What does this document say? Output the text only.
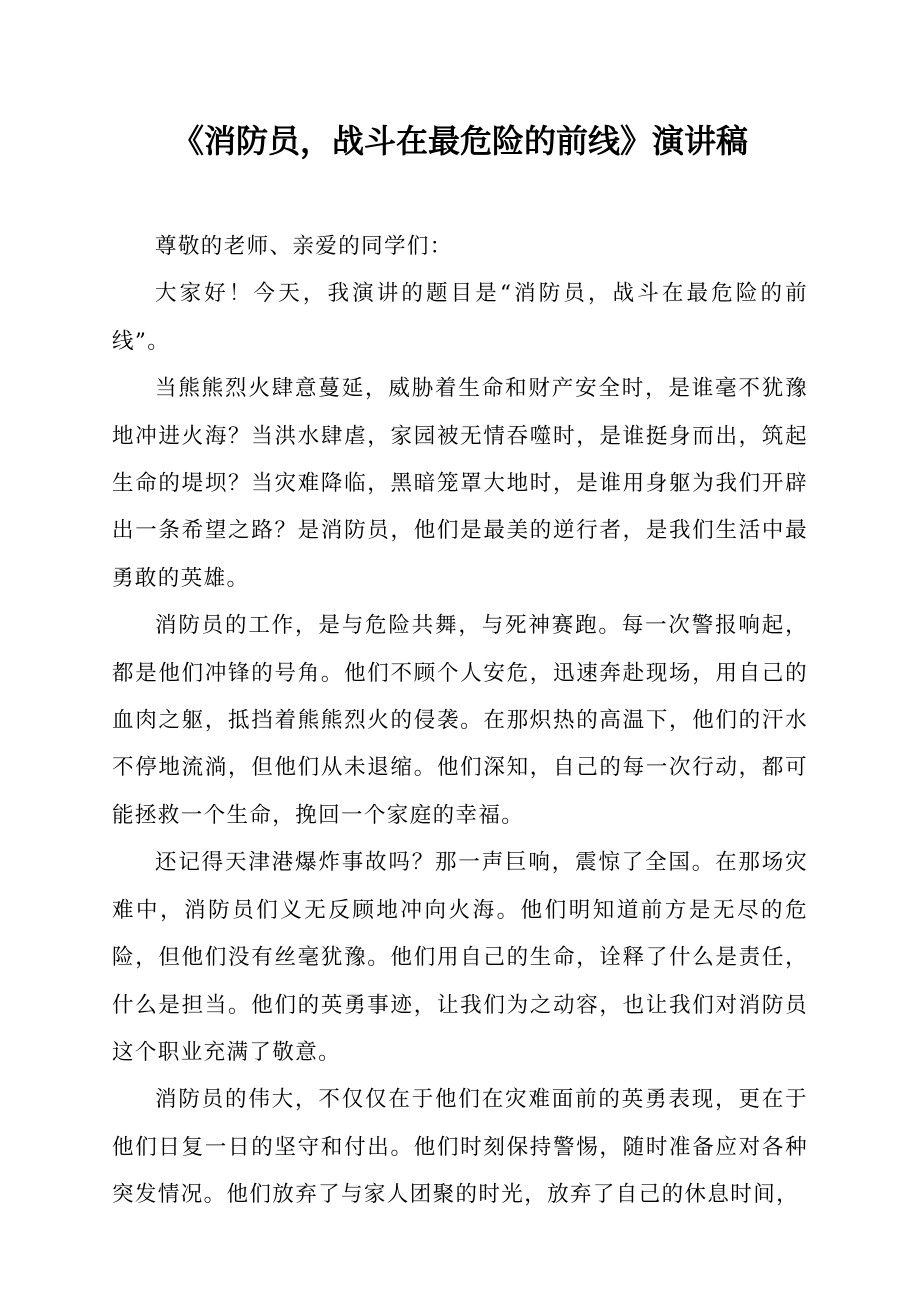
《消防员，战斗在最危险的前线》演讲稿

尊敬的老师、亲爱的同学们：

大家好！今天，我演讲的题目是“消防员，战斗在最危险的前线”。

当熊熊烈火肆意蔓延，威胁着生命和财产安全时，是谁毫不犹豫地冲进火海？当洪水肆虐，家园被无情吞噬时，是谁挺身而出，筑起生命的堤坝？当灾难降临，黑暗笼罩大地时，是谁用身躯为我们开辟出一条希望之路？是消防员，他们是最美的逆行者，是我们生活中最勇敢的英雄。

消防员的工作，是与危险共舞，与死神赛跑。每一次警报响起，都是他们冲锋的号角。他们不顾个人安危，迅速奔赴现场，用自己的血肉之躯，抵挡着熊熊烈火的侵袭。在那炽热的高温下，他们的汗水不停地流淌，但他们从未退缩。他们深知，自己的每一次行动，都可能拯救一个生命，挽回一个家庭的幸福。

还记得天津港爆炸事故吗？那一声巨响，震惊了全国。在那场灾难中，消防员们义无反顾地冲向火海。他们明知道前方是无尽的危险，但他们没有丝毫犹豫。他们用自己的生命，诠释了什么是责任，什么是担当。他们的英勇事迹，让我们为之动容，也让我们对消防员这个职业充满了敬意。

消防员的伟大，不仅仅在于他们在灾难面前的英勇表现，更在于他们日复一日的坚守和付出。他们时刻保持警惕，随时准备应对各种突发情况。他们放弃了与家人团聚的时光，放弃了自己的休息时间，
